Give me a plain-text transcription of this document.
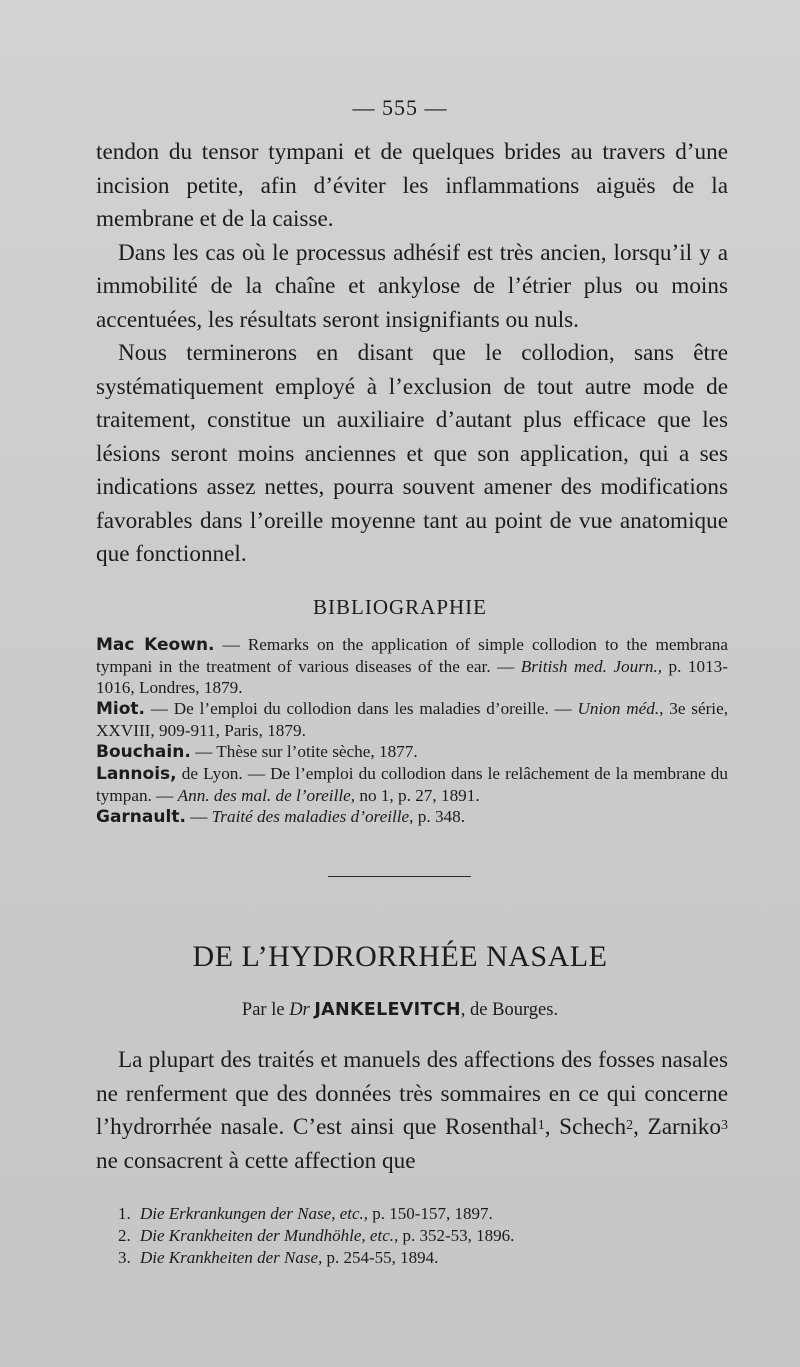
— 555 —

tendon du tensor tympani et de quelques brides au travers d’une incision petite, afin d’éviter les inflammations aiguës de la membrane et de la caisse.

Dans les cas où le processus adhésif est très ancien, lorsqu’il y a immobilité de la chaîne et ankylose de l’étrier plus ou moins accentuées, les résultats seront insignifiants ou nuls.

Nous terminerons en disant que le collodion, sans être systématiquement employé à l’exclusion de tout autre mode de traitement, constitue un auxiliaire d’autant plus efficace que les lésions seront moins anciennes et que son application, qui a ses indications assez nettes, pourra souvent amener des modifications favorables dans l’oreille moyenne tant au point de vue anatomique que fonctionnel.

BIBLIOGRAPHIE

Mac Keown. — Remarks on the application of simple collodion to the membrana tympani in the treatment of various diseases of the ear. — British med. Journ., p. 1013-1016, Londres, 1879.

Miot. — De l’emploi du collodion dans les maladies d’oreille. — Union méd., 3e série, XXVIII, 909-911, Paris, 1879.

Bouchain. — Thèse sur l’otite sèche, 1877.

Lannois, de Lyon. — De l’emploi du collodion dans le relâchement de la membrane du tympan. — Ann. des mal. de l’oreille, no 1, p. 27, 1891.

Garnault. — Traité des maladies d’oreille, p. 348.

DE L’HYDRORRHÉE NASALE
Par le Dr JANKELEVITCH, de Bourges.

La plupart des traités et manuels des affections des fosses nasales ne renferment que des données très sommaires en ce qui concerne l’hydrorrhée nasale. C’est ainsi que Rosenthal$^1$, Schech$^2$, Zarniko$^3$ ne consacrent à cette affection que

1. Die Erkrankungen der Nase, etc., p. 150-157, 1897.

2. Die Krankheiten der Mundhöhle, etc., p. 352-53, 1896.

3. Die Krankheiten der Nase, p. 254-55, 1894.
